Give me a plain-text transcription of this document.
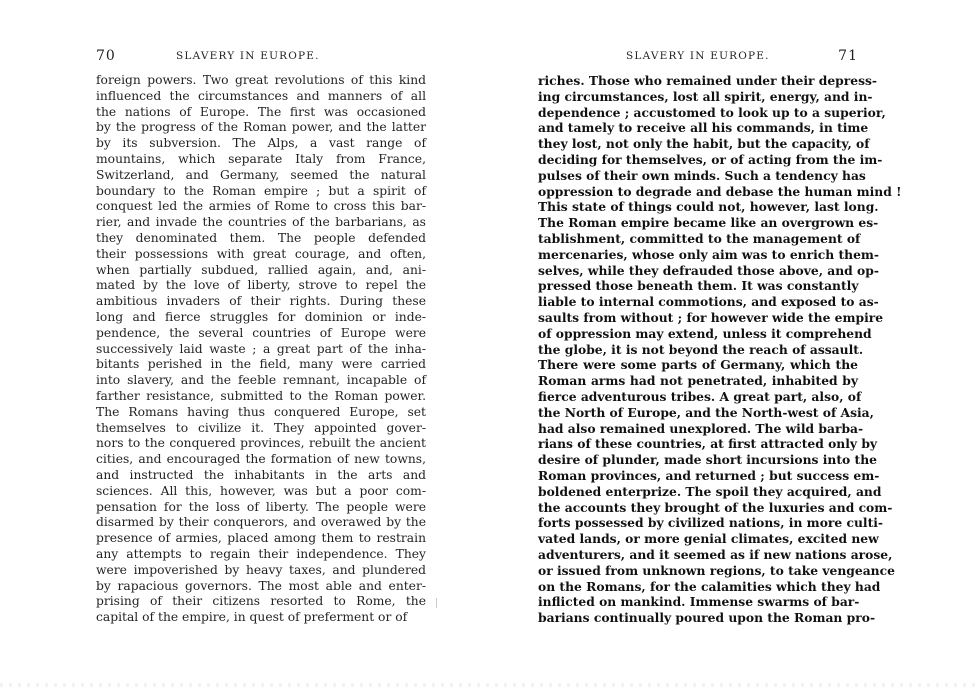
70	SLAVERY IN EUROPE.
foreign powers. Two great revolutions of this kind
influenced the circumstances and manners of all
the nations of Europe. The first was occasioned
by the progress of the Roman power, and the latter
by its subversion. The Alps, a vast range of
mountains, which separate Italy from France,
Switzerland, and Germany, seemed the natural
boundary to the Roman empire ; but a spirit of
conquest led the armies of Rome to cross this bar-
rier, and invade the countries of the barbarians, as
they denominated them. The people defended
their possessions with great courage, and often,
when partially subdued, rallied again, and, ani-
mated by the love of liberty, strove to repel the
ambitious invaders of their rights. During these
long and fierce struggles for dominion or inde-
pendence, the several countries of Europe were
successively laid waste ; a great part of the inha-
bitants perished in the field, many were carried
into slavery, and the feeble remnant, incapable of
farther resistance, submitted to the Roman power.
The Romans having thus conquered Europe, set
themselves to civilize it. They appointed gover-
nors to the conquered provinces, rebuilt the ancient
cities, and encouraged the formation of new towns,
and instructed the inhabitants in the arts and
sciences. All this, however, was but a poor com-
pensation for the loss of liberty. The people were
disarmed by their conquerors, and overawed by the
presence of armies, placed among them to restrain
any attempts to regain their independence. They
were impoverished by heavy taxes, and plundered
by rapacious governors. The most able and enter-
prising of their citizens resorted to Rome, the
capital of the empire, in quest of preferment or of
SLAVERY IN EUROPE.	71
riches. Those who remained under their depress-
ing circumstances, lost all spirit, energy, and in-
dependence ; accustomed to look up to a superior,
and tamely to receive all his commands, in time
they lost, not only the habit, but the capacity, of
deciding for themselves, or of acting from the im-
pulses of their own minds. Such a tendency has
oppression to degrade and debase the human mind !
This state of things could not, however, last long.
The Roman empire became like an overgrown es-
tablishment, committed to the management of
mercenaries, whose only aim was to enrich them-
selves, while they defrauded those above, and op-
pressed those beneath them. It was constantly
liable to internal commotions, and exposed to as-
saults from without ; for however wide the empire
of oppression may extend, unless it comprehend
the globe, it is not beyond the reach of assault.
There were some parts of Germany, which the
Roman arms had not penetrated, inhabited by
fierce adventurous tribes. A great part, also, of
the North of Europe, and the North-west of Asia,
had also remained unexplored. The wild barba-
rians of these countries, at first attracted only by
desire of plunder, made short incursions into the
Roman provinces, and returned ; but success em-
boldened enterprize. The spoil they acquired, and
the accounts they brought of the luxuries and com-
forts possessed by civilized nations, in more culti-
vated lands, or more genial climates, excited new
adventurers, and it seemed as if new nations arose,
or issued from unknown regions, to take vengeance
on the Romans, for the calamities which they had
inflicted on mankind. Immense swarms of bar-
barians continually poured upon the Roman pro-
